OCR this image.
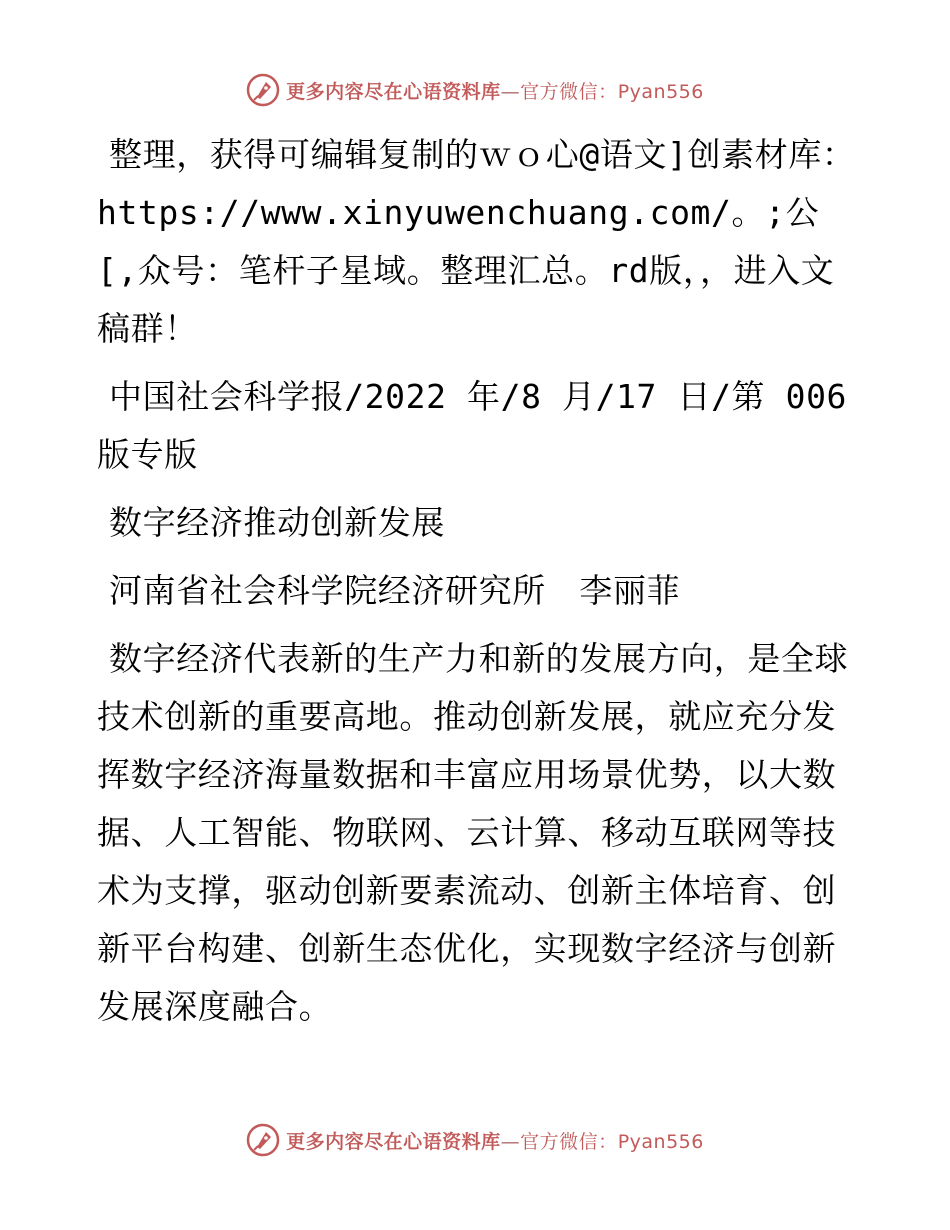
更多内容尽在心语资料库—官方微信：Pyan556

整理，获得可编辑复制的ｗｏ心@语文]创素材库：https://www.xinyuwenchuang.com/。;公[,众号：笔杆子星域。整理汇总。rd版，，进入文稿群！

中国社会科学报/2022 年/8 月/17 日/第 006 版专版

数字经济推动创新发展

河南省社会科学院经济研究所　李丽菲

数字经济代表新的生产力和新的发展方向，是全球技术创新的重要高地。推动创新发展，就应充分发挥数字经济海量数据和丰富应用场景优势，以大数据、人工智能、物联网、云计算、移动互联网等技术为支撑，驱动创新要素流动、创新主体培育、创新平台构建、创新生态优化，实现数字经济与创新发展深度融合。

更多内容尽在心语资料库—官方微信：Pyan556
